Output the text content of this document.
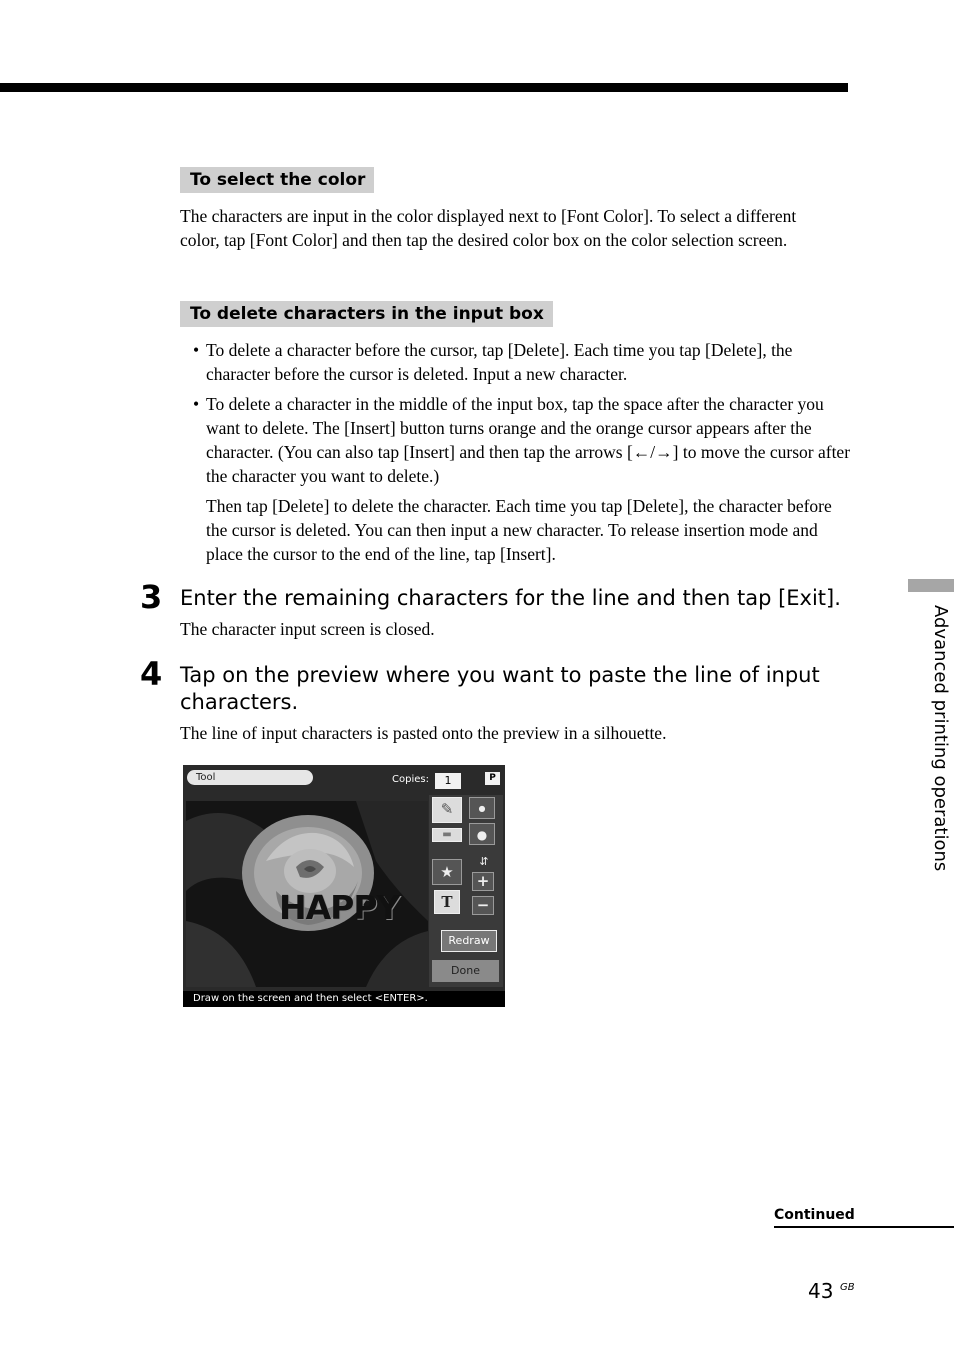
To select the color
The characters are input in the color displayed next to [Font Color]. To select a different color, tap [Font Color] and then tap the desired color box on the color selection screen.
To delete characters in the input box
• To delete a character before the cursor, tap [Delete]. Each time you tap [Delete], the character before the cursor is deleted. Input a new character.
• To delete a character in the middle of the input box, tap the space after the character you want to delete. The [Insert] button turns orange and the orange cursor appears after the character. (You can also tap [Insert] and then tap the arrows [←/→] to move the cursor after the character you want to delete.)
Then tap [Delete] to delete the character. Each time you tap [Delete], the character before the cursor is deleted. You can then input a new character. To release insertion mode and place the cursor to the end of the line, tap [Insert].
3 Enter the remaining characters for the line and then tap [Exit].
The character input screen is closed.
4 Tap on the preview where you want to paste the line of input characters.
The line of input characters is pasted onto the preview in a silhouette.
Tool	Copies:	1	P
HAPPY
✎	●
▬	●
★
T
⇵
+
−
Redraw
Done
Draw on the screen and then select <ENTER>.
Advanced printing operations
Continued
43 GB
